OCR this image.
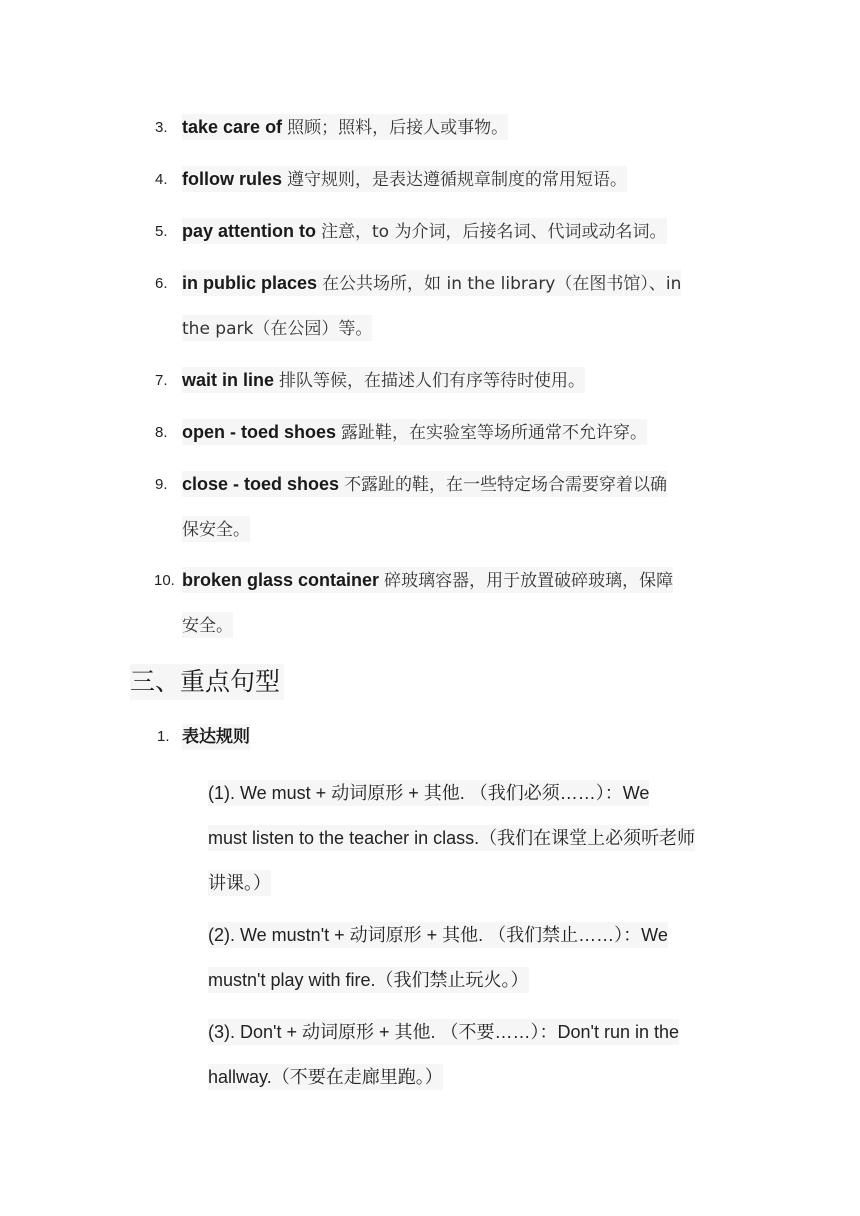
3. take care of 照顾；照料，后接人或事物。
4. follow rules 遵守规则，是表达遵循规章制度的常用短语。
5. pay attention to 注意，to 为介词，后接名词、代词或动名词。
6. in public places 在公共场所，如 in the library（在图书馆）、in
the park（在公园）等。
7. wait in line 排队等候，在描述人们有序等待时使用。
8. open - toed shoes 露趾鞋，在实验室等场所通常不允许穿。
9. close - toed shoes 不露趾的鞋，在一些特定场合需要穿着以确
保安全。
10. broken glass container 碎玻璃容器，用于放置破碎玻璃，保障
安全。
三、重点句型
1. 表达规则
(1). We must + 动词原形 + 其他. （我们必须……）：We
must listen to the teacher in class.（我们在课堂上必须听老师
讲课。）
(2). We mustn't + 动词原形 + 其他. （我们禁止……）：We
mustn't play with fire.（我们禁止玩火。）
(3). Don't + 动词原形 + 其他. （不要……）：Don't run in the
hallway.（不要在走廊里跑。）
